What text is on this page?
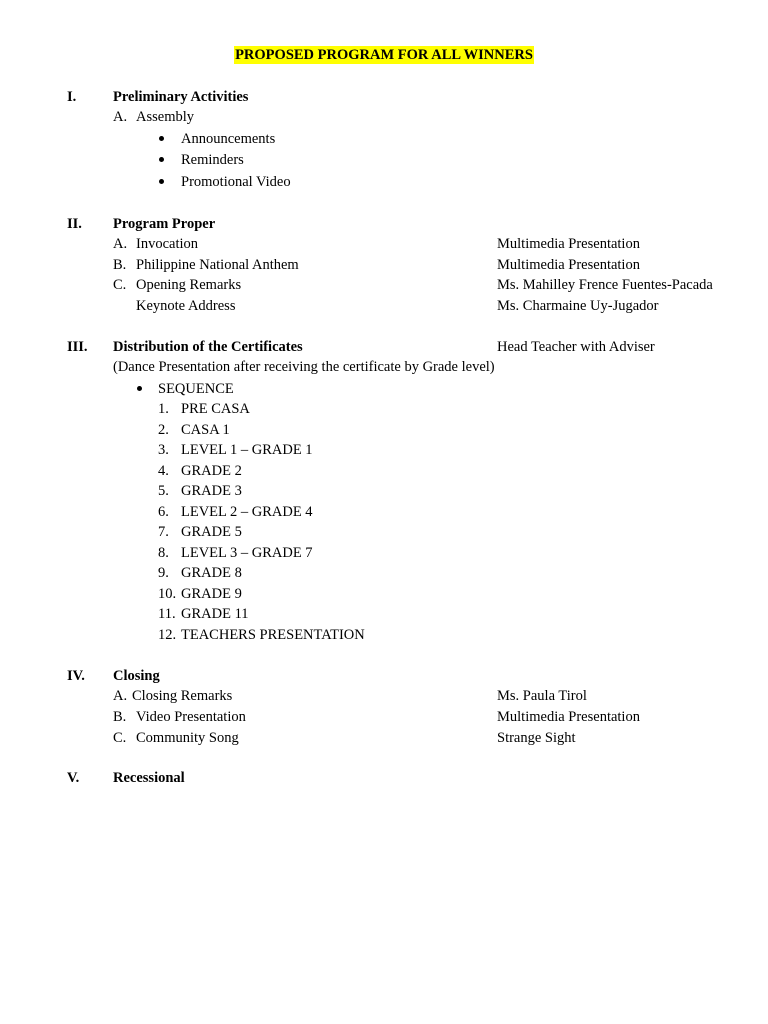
PROPOSED PROGRAM FOR ALL WINNERS
I.	Preliminary Activities
A. Assembly
Announcements
Reminders
Promotional Video
II. Program Proper
A. Invocation	Multimedia Presentation
B. Philippine National Anthem	Multimedia Presentation
C. Opening Remarks	Ms. Mahilley Frence Fuentes-Pacada
Keynote Address	Ms. Charmaine Uy-Jugador
III. Distribution of the Certificates	Head Teacher with Adviser
(Dance Presentation after receiving the certificate by Grade level)
SEQUENCE
1. PRE CASA
2. CASA 1
3. LEVEL 1 – GRADE 1
4. GRADE 2
5. GRADE 3
6. LEVEL 2 – GRADE 4
7. GRADE 5
8. LEVEL 3 – GRADE 7
9. GRADE 8
10. GRADE 9
11. GRADE 11
12. TEACHERS PRESENTATION
IV. Closing
A. Closing Remarks	Ms. Paula Tirol
B. Video Presentation	Multimedia Presentation
C. Community Song	Strange Sight
V. Recessional
